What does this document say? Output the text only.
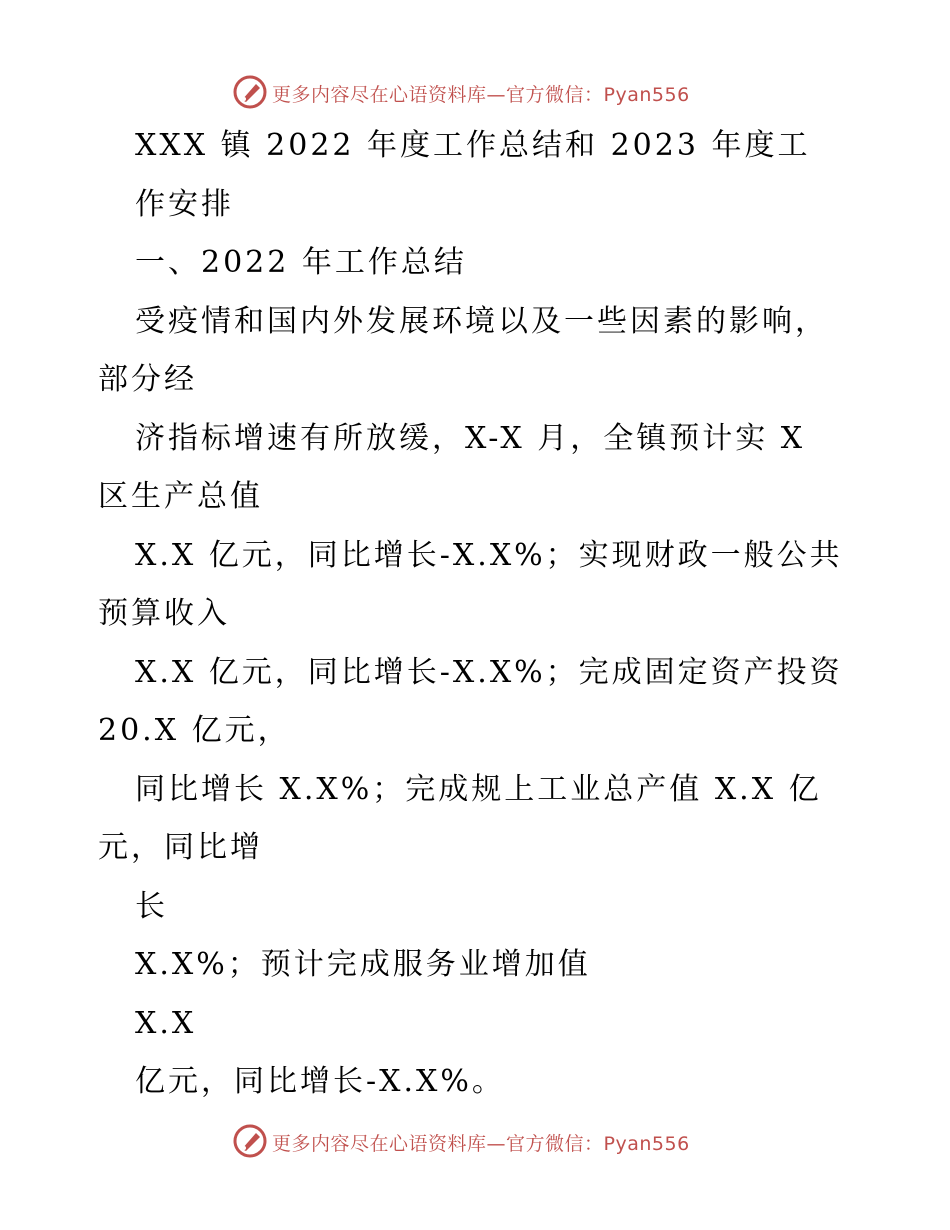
更多内容尽在心语资料库—官方微信：Pyan556
XXX 镇 2022 年度工作总结和 2023 年度工
作安排
一、2022 年工作总结
受疫情和国内外发展环境以及一些因素的影响，
部分经
济指标增速有所放缓，X-X 月，全镇预计实 X
区生产总值
X.X 亿元，同比增长-X.X%；实现财政一般公共
预算收入
X.X 亿元，同比增长-X.X%；完成固定资产投资
20.X 亿元，
同比增长 X.X%；完成规上工业总产值 X.X 亿
元，同比增
长
X.X%；预计完成服务业增加值
X.X
亿元，同比增长-X.X%。
更多内容尽在心语资料库—官方微信：Pyan556
